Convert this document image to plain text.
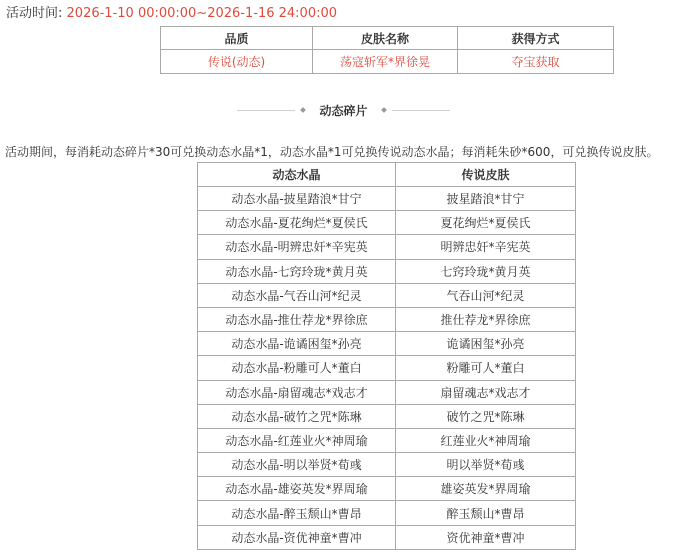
活动时间: 2026-1-10 00:00:00~2026-1-16 24:00:00
品质	皮肤名称	获得方式
传说(动态)	荡寇斩军*界徐晃	夺宝获取
动态碎片
活动期间，每消耗动态碎片*30可兑换动态水晶*1，动态水晶*1可兑换传说动态水晶；每消耗朱砂*600，可兑换传说皮肤。
动态水晶	传说皮肤
动态水晶-披星踏浪*甘宁	披星踏浪*甘宁
动态水晶-夏花绚烂*夏侯氏	夏花绚烂*夏侯氏
动态水晶-明辨忠奸*辛宪英	明辨忠奸*辛宪英
动态水晶-七窍玲珑*黄月英	七窍玲珑*黄月英
动态水晶-气吞山河*纪灵	气吞山河*纪灵
动态水晶-推仕荐龙*界徐庶	推仕荐龙*界徐庶
动态水晶-诡谲困玺*孙亮	诡谲困玺*孙亮
动态水晶-粉雕可人*董白	粉雕可人*董白
动态水晶-扇留魂志*戏志才	扇留魂志*戏志才
动态水晶-破竹之咒*陈琳	破竹之咒*陈琳
动态水晶-红莲业火*神周瑜	红莲业火*神周瑜
动态水晶-明以举贤*荀彧	明以举贤*荀彧
动态水晶-雄姿英发*界周瑜	雄姿英发*界周瑜
动态水晶-醉玉颓山*曹昂	醉玉颓山*曹昂
动态水晶-资优神童*曹冲	资优神童*曹冲
